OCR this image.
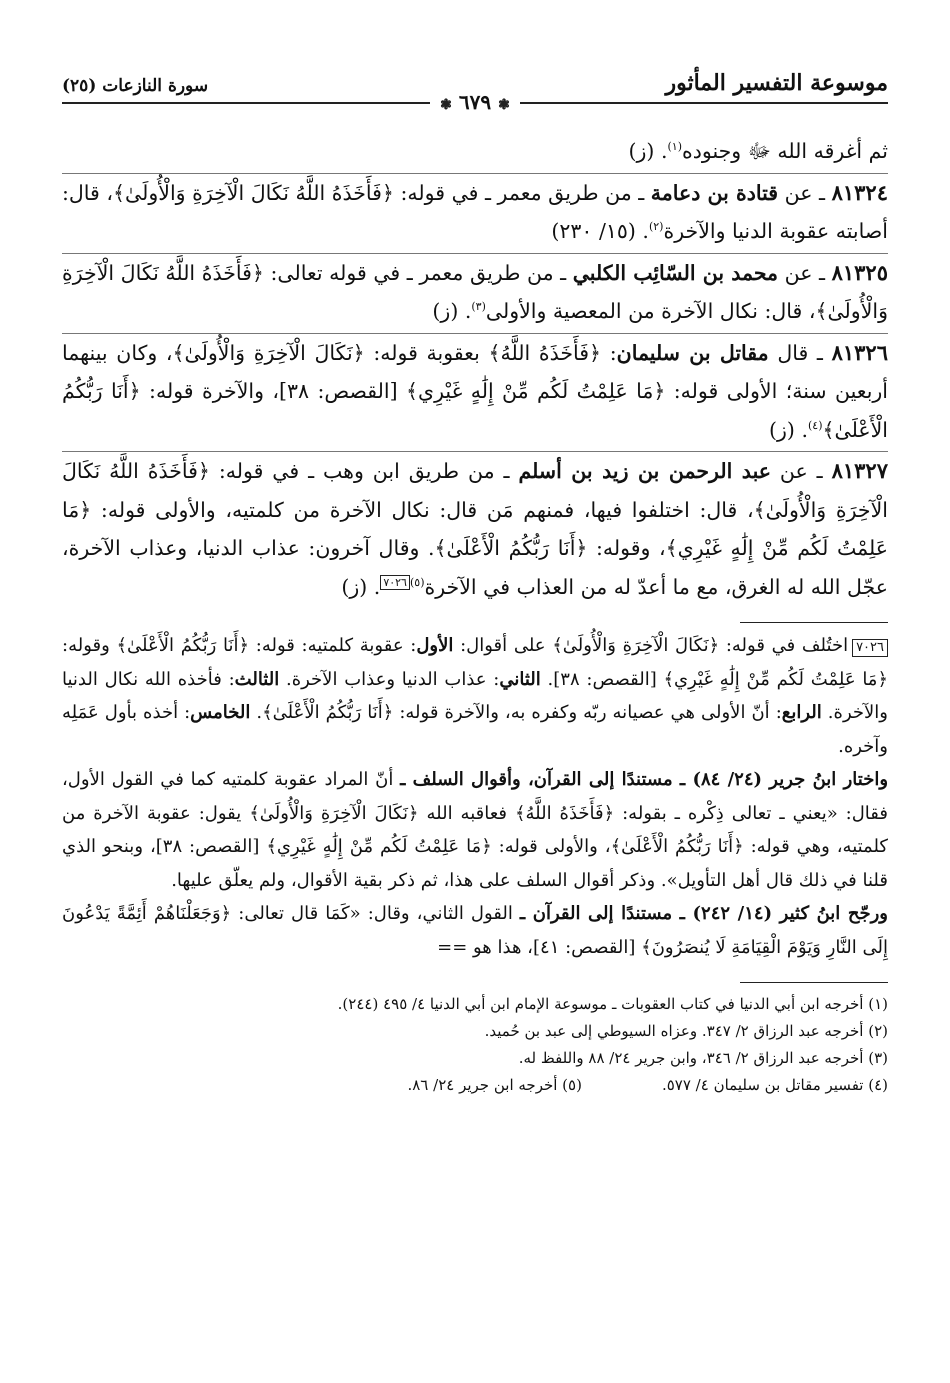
موسوعة التفسير المأثور
سورة النازعات (٢٥)
❃ ٦٧٩ ❃

ثم أغرقه الله ﷻ وجنوده$^{(١)}$. (ز)

٨١٣٢٤ ـ عن قتادة بن دعامة ـ من طريق معمر ـ في قوله: ﴿فَأَخَذَهُ اللَّهُ نَكَالَ الْآخِرَةِ وَالْأُولَىٰ﴾، قال: أصابته عقوبة الدنيا والآخرة$^{(٢)}$. (١٥/ ٢٣٠)

٨١٣٢٥ ـ عن محمد بن السّائِب الكلبي ـ من طريق معمر ـ في قوله تعالى: ﴿فَأَخَذَهُ اللَّهُ نَكَالَ الْآخِرَةِ وَالْأُولَىٰ﴾، قال: نكال الآخرة من المعصية والأولى$^{(٣)}$. (ز)

٨١٣٢٦ ـ قال مقاتل بن سليمان: ﴿فَأَخَذَهُ اللَّهُ﴾ بعقوبة قوله: ﴿نَكَالَ الْآخِرَةِ وَالْأُولَىٰ﴾، وكان بينهما أربعين سنة؛ الأولى قوله: ﴿مَا عَلِمْتُ لَكُم مِّنْ إِلَٰهٍ غَيْرِي﴾ [القصص: ٣٨]، والآخرة قوله: ﴿أَنَا رَبُّكُمُ الْأَعْلَىٰ﴾$^{(٤)}$. (ز)

٨١٣٢٧ ـ عن عبد الرحمن بن زيد بن أسلم ـ من طريق ابن وهب ـ في قوله: ﴿فَأَخَذَهُ اللَّهُ نَكَالَ الْآخِرَةِ وَالْأُولَىٰ﴾، قال: اختلفوا فيها، فمنهم مَن قال: نكال الآخرة من كلمتيه، والأولى قوله: ﴿مَا عَلِمْتُ لَكُم مِّنْ إِلَٰهٍ غَيْرِي﴾، وقوله: ﴿أَنَا رَبُّكُمُ الْأَعْلَىٰ﴾. وقال آخرون: عذاب الدنيا، وعذاب الآخرة، عجّل الله له الغرق، مع ما أعدّ له من العذاب في الآخرة$^{(٥)}$٧٠٢٦. (ز)

٧٠٢٦اختُلف في قوله: ﴿نَكَالَ الْآخِرَةِ وَالْأُولَىٰ﴾ على أقوال: الأول: عقوبة كلمتيه: قوله: ﴿أَنَا رَبُّكُمُ الْأَعْلَىٰ﴾ وقوله: ﴿مَا عَلِمْتُ لَكُم مِّنْ إِلَٰهٍ غَيْرِي﴾ [القصص: ٣٨]. الثاني: عذاب الدنيا وعذاب الآخرة. الثالث: فأخذه الله نكال الدنيا والآخرة. الرابع: أنّ الأولى هي عصيانه ربّه وكفره به، والآخرة قوله: ﴿أَنَا رَبُّكُمُ الْأَعْلَىٰ﴾. الخامس: أخذه بأول عَمَلِه وآخره.

واختار ابنُ جرير (٢٤/ ٨٤) ـ مستندًا إلى القرآن، وأقوال السلف ـ أنّ المراد عقوبة كلمتيه كما في القول الأول، فقال: «يعني ـ تعالى ذِكْره ـ بقوله: ﴿فَأَخَذَهُ اللَّهُ﴾ فعاقبه الله ﴿نَكَالَ الْآخِرَةِ وَالْأُولَىٰ﴾ يقول: عقوبة الآخرة من كلمتيه، وهي قوله: ﴿أَنَا رَبُّكُمُ الْأَعْلَىٰ﴾، والأولى قوله: ﴿مَا عَلِمْتُ لَكُم مِّنْ إِلَٰهٍ غَيْرِي﴾ [القصص: ٣٨]، وبنحو الذي قلنا في ذلك قال أهل التأويل». وذكر أقوال السلف على هذا، ثم ذكر بقية الأقوال، ولم يعلّق عليها.

ورجّح ابنُ كثير (١٤/ ٢٤٢) ـ مستندًا إلى القرآن ـ القول الثاني، وقال: «كَمَا قال تعالى: ﴿وَجَعَلْنَاهُمْ أَئِمَّةً يَدْعُونَ إِلَى النَّارِ وَيَوْمَ الْقِيَامَةِ لَا يُنصَرُونَ﴾ [القصص: ٤١]، هذا هو ==

(١) أخرجه ابن أبي الدنيا في كتاب العقوبات ـ موسوعة الإمام ابن أبي الدنيا ٤/ ٤٩٥ (٢٤٤).

(٢) أخرجه عبد الرزاق ٢/ ٣٤٧. وعزاه السيوطي إلى عبد بن حُميد.

(٣) أخرجه عبد الرزاق ٢/ ٣٤٦، وابن جرير ٢٤/ ٨٨ واللفظ له.

(٤) تفسير مقاتل بن سليمان ٤/ ٥٧٧.
(٥) أخرجه ابن جرير ٢٤/ ٨٦.
